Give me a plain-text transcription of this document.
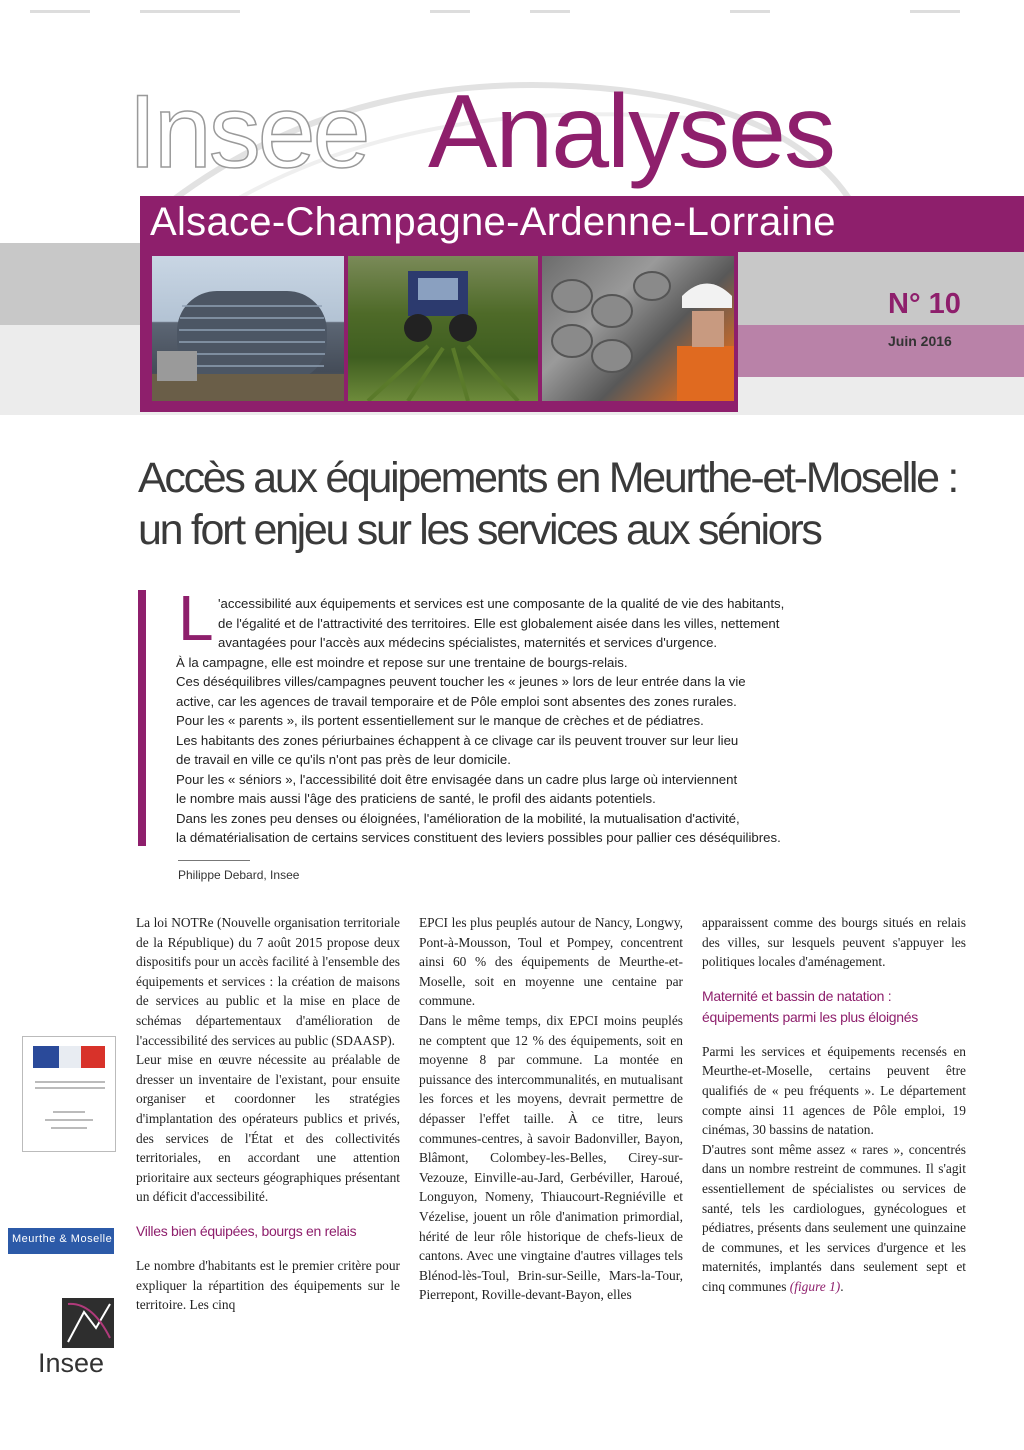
Insee Analyses
Alsace-Champagne-Ardenne-Lorraine
N° 10
Juin 2016
Accès aux équipements en Meurthe-et-Moselle :
un fort enjeu sur les services aux séniors
L 'accessibilité aux équipements et services est une composante de la qualité de vie des habitants,
de l'égalité et de l'attractivité des territoires. Elle est globalement aisée dans les villes, nettement
avantagées pour l'accès aux médecins spécialistes, maternités et services d'urgence.
À la campagne, elle est moindre et repose sur une trentaine de bourgs-relais.
Ces déséquilibres villes/campagnes peuvent toucher les « jeunes » lors de leur entrée dans la vie
active, car les agences de travail temporaire et de Pôle emploi sont absentes des zones rurales.
Pour les « parents », ils portent essentiellement sur le manque de crèches et de pédiatres.
Les habitants des zones périurbaines échappent à ce clivage car ils peuvent trouver sur leur lieu
de travail en ville ce qu'ils n'ont pas près de leur domicile.
Pour les « séniors », l'accessibilité doit être envisagée dans un cadre plus large où interviennent
le nombre mais aussi l'âge des praticiens de santé, le profil des aidants potentiels.
Dans les zones peu denses ou éloignées, l'amélioration de la mobilité, la mutualisation d'activité,
la dématérialisation de certains services constituent des leviers possibles pour pallier ces déséquilibres.
Philippe Debard, Insee

La loi NOTRe (Nouvelle organisation territoriale de la République) du 7 août 2015 propose deux dispositifs pour un accès facilité à l'ensemble des équipements et services : la création de maisons de services au public et la mise en place de schémas départementaux d'amélioration de l'accessibilité des services au public (SDAASP).

Leur mise en œuvre nécessite au préalable de dresser un inventaire de l'existant, pour ensuite organiser et coordonner les stratégies d'implantation des opérateurs publics et privés, des services de l'État et des collectivités territoriales, en accordant une attention prioritaire aux secteurs géographiques présentant un déficit d'accessibilité.

Villes bien équipées, bourgs en relais

Le nombre d'habitants est le premier critère pour expliquer la répartition des équipements sur le territoire. Les cinq

EPCI les plus peuplés autour de Nancy, Longwy, Pont-à-Mousson, Toul et Pompey, concentrent ainsi 60 % des équipements de Meurthe-et-Moselle, soit en moyenne une centaine par commune.

Dans le même temps, dix EPCI moins peuplés ne comptent que 12 % des équipements, soit en moyenne 8 par commune. La montée en puissance des intercommunalités, en mutualisant les forces et les moyens, devrait permettre de dépasser l'effet taille. À ce titre, leurs communes-centres, à savoir Badonviller, Bayon, Blâmont, Colombey-les-Belles, Cirey-sur-Vezouze, Einville-au-Jard, Gerbéviller, Haroué, Longuyon, Nomeny, Thiaucourt-Regniéville et Vézelise, jouent un rôle d'animation primordial, hérité de leur rôle historique de chefs-lieux de cantons. Avec une vingtaine d'autres villages tels Blénod-lès-Toul, Brin-sur-Seille, Mars-la-Tour, Pierrepont, Roville-devant-Bayon, elles

apparaissent comme des bourgs situés en relais des villes, sur lesquels peuvent s'appuyer les politiques locales d'aménagement.

Maternité et bassin de natation : équipements parmi les plus éloignés

Parmi les services et équipements recensés en Meurthe-et-Moselle, certains peuvent être qualifiés de « peu fréquents ». Le département compte ainsi 11 agences de Pôle emploi, 19 cinémas, 30 bassins de natation.

D'autres sont même assez « rares », concentrés dans un nombre restreint de communes. Il s'agit essentiellement de spécialistes ou services de santé, tels les cardiologues, gynécologues et pédiatres, présents dans seulement une quinzaine de communes, et les services d'urgence et les maternités, implantés dans seulement sept et cinq communes (figure 1).

Meurthe & Moselle
Insee
